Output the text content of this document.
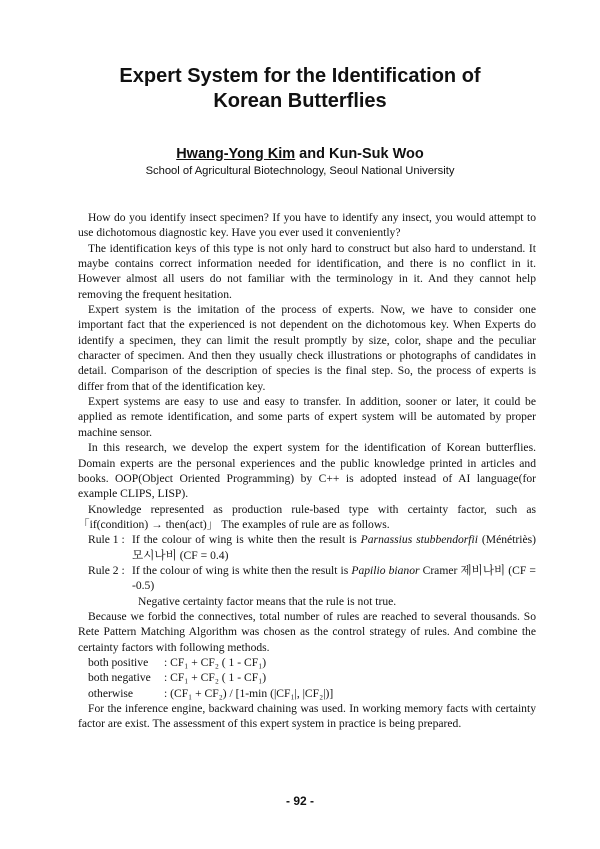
Expert System for the Identification of
Korean Butterflies
Hwang-Yong Kim and Kun-Suk Woo
School of Agricultural Biotechnology, Seoul National University

How do you identify insect specimen? If you have to identify any insect, you would attempt to use dichotomous diagnostic key. Have you ever used it conveniently?

The identification keys of this type is not only hard to construct but also hard to understand. It maybe contains correct information needed for identification, and there is no conflict in it. However almost all users do not familiar with the terminology in it. And they cannot help removing the frequent hesitation.

Expert system is the imitation of the process of experts. Now, we have to consider one important fact that the experienced is not dependent on the dichotomous key. When Experts do identify a specimen, they can limit the result promptly by size, color, shape and the peculiar character of specimen. And then they usually check illustrations or photographs of candidates in detail. Comparison of the description of species is the final step. So, the process of experts is differ from that of the identification key.

Expert systems are easy to use and easy to transfer. In addition, sooner or later, it could be applied as remote identification, and some parts of expert system will be automated by proper machine sensor.

In this research, we develop the expert system for the identification of Korean butterflies. Domain experts are the personal experiences and the public knowledge printed in articles and books. OOP(Object Oriented Programming) by C++ is adopted instead of AI language(for example CLIPS, LISP).

Knowledge represented as production rule-based type with certainty factor, such as 「if(condition) → then(act)」 The examples of rule are as follows.

Rule 1 : If the colour of wing is white then the result is Parnassius stubbendorfii (Ménétriès) 모시나비 (CF = 0.4)
Rule 2 : If the colour of wing is white then the result is Papilio bianor Cramer 제비나비 (CF = -0.5)
Negative certainty factor means that the rule is not true.

Because we forbid the connectives, total number of rules are reached to several thousands. So Rete Pattern Matching Algorithm was chosen as the control strategy of rules. And combine the certainty factors with following methods.

both positive	: CF₁ + CF₂ ( 1 - CF₁)
both negative	: CF₁ + CF₂ ( 1 - CF₁)
otherwise	: (CF₁ + CF₂) / [1-min (|CF₁|, |CF₂|)]

For the inference engine, backward chaining was used. In working memory facts with certainty factor are exist. The assessment of this expert system in practice is being prepared.

- 92 -
